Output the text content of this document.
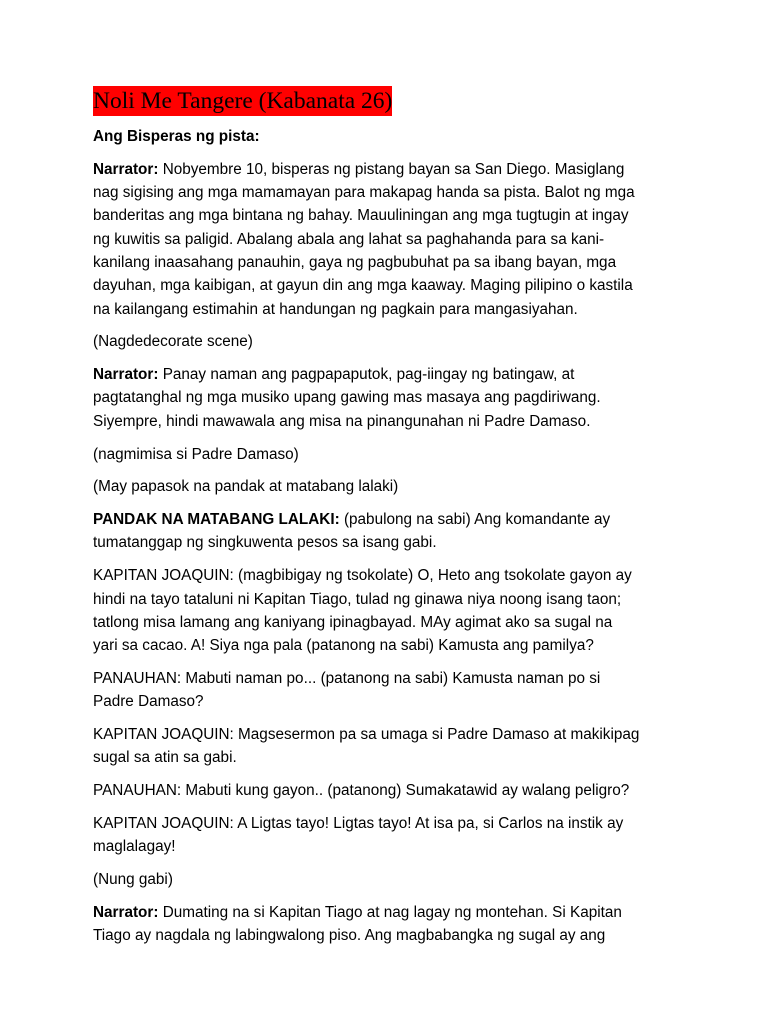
Noli Me Tangere (Kabanata 26)
Ang Bisperas ng pista:
Narrator: Nobyembre 10, bisperas ng pistang bayan sa San Diego. Masiglang
nag sigising ang mga mamamayan para makapag handa sa pista. Balot ng mga
banderitas ang mga bintana ng bahay. Mauuliningan ang mga tugtugin at ingay
ng kuwitis sa paligid. Abalang abala ang lahat sa paghahanda para sa kani-
kanilang inaasahang panauhin, gaya ng pagbubuhat pa sa ibang bayan, mga
dayuhan, mga kaibigan, at gayun din ang mga kaaway. Maging pilipino o kastila
na kailangang estimahin at handungan ng pagkain para mangasiyahan.
(Nagdedecorate scene)
Narrator: Panay naman ang pagpapaputok, pag-iingay ng batingaw, at
pagtatanghal ng mga musiko upang gawing mas masaya ang pagdiriwang.
Siyempre, hindi mawawala ang misa na pinangunahan ni Padre Damaso.
(nagmimisa si Padre Damaso)
(May papasok na pandak at matabang lalaki)
PANDAK NA MATABANG LALAKI: (pabulong na sabi) Ang komandante ay
tumatanggap ng singkuwenta pesos sa isang gabi.
KAPITAN JOAQUIN: (magbibigay ng tsokolate) O, Heto ang tsokolate gayon ay
hindi na tayo tataluni ni Kapitan Tiago, tulad ng ginawa niya noong isang taon;
tatlong misa lamang ang kaniyang ipinagbayad. MAy agimat ako sa sugal na
yari sa cacao. A! Siya nga pala (patanong na sabi) Kamusta ang pamilya?
PANAUHAN: Mabuti naman po... (patanong na sabi) Kamusta naman po si
Padre Damaso?
KAPITAN JOAQUIN: Magsesermon pa sa umaga si Padre Damaso at makikipag
sugal sa atin sa gabi.
PANAUHAN: Mabuti kung gayon.. (patanong) Sumakatawid ay walang peligro?
KAPITAN JOAQUIN: A Ligtas tayo! Ligtas tayo! At isa pa, si Carlos na instik ay
maglalagay!
(Nung gabi)
Narrator: Dumating na si Kapitan Tiago at nag lagay ng montehan. Si Kapitan
Tiago ay nagdala ng labingwalong piso. Ang magbabangka ng sugal ay ang
